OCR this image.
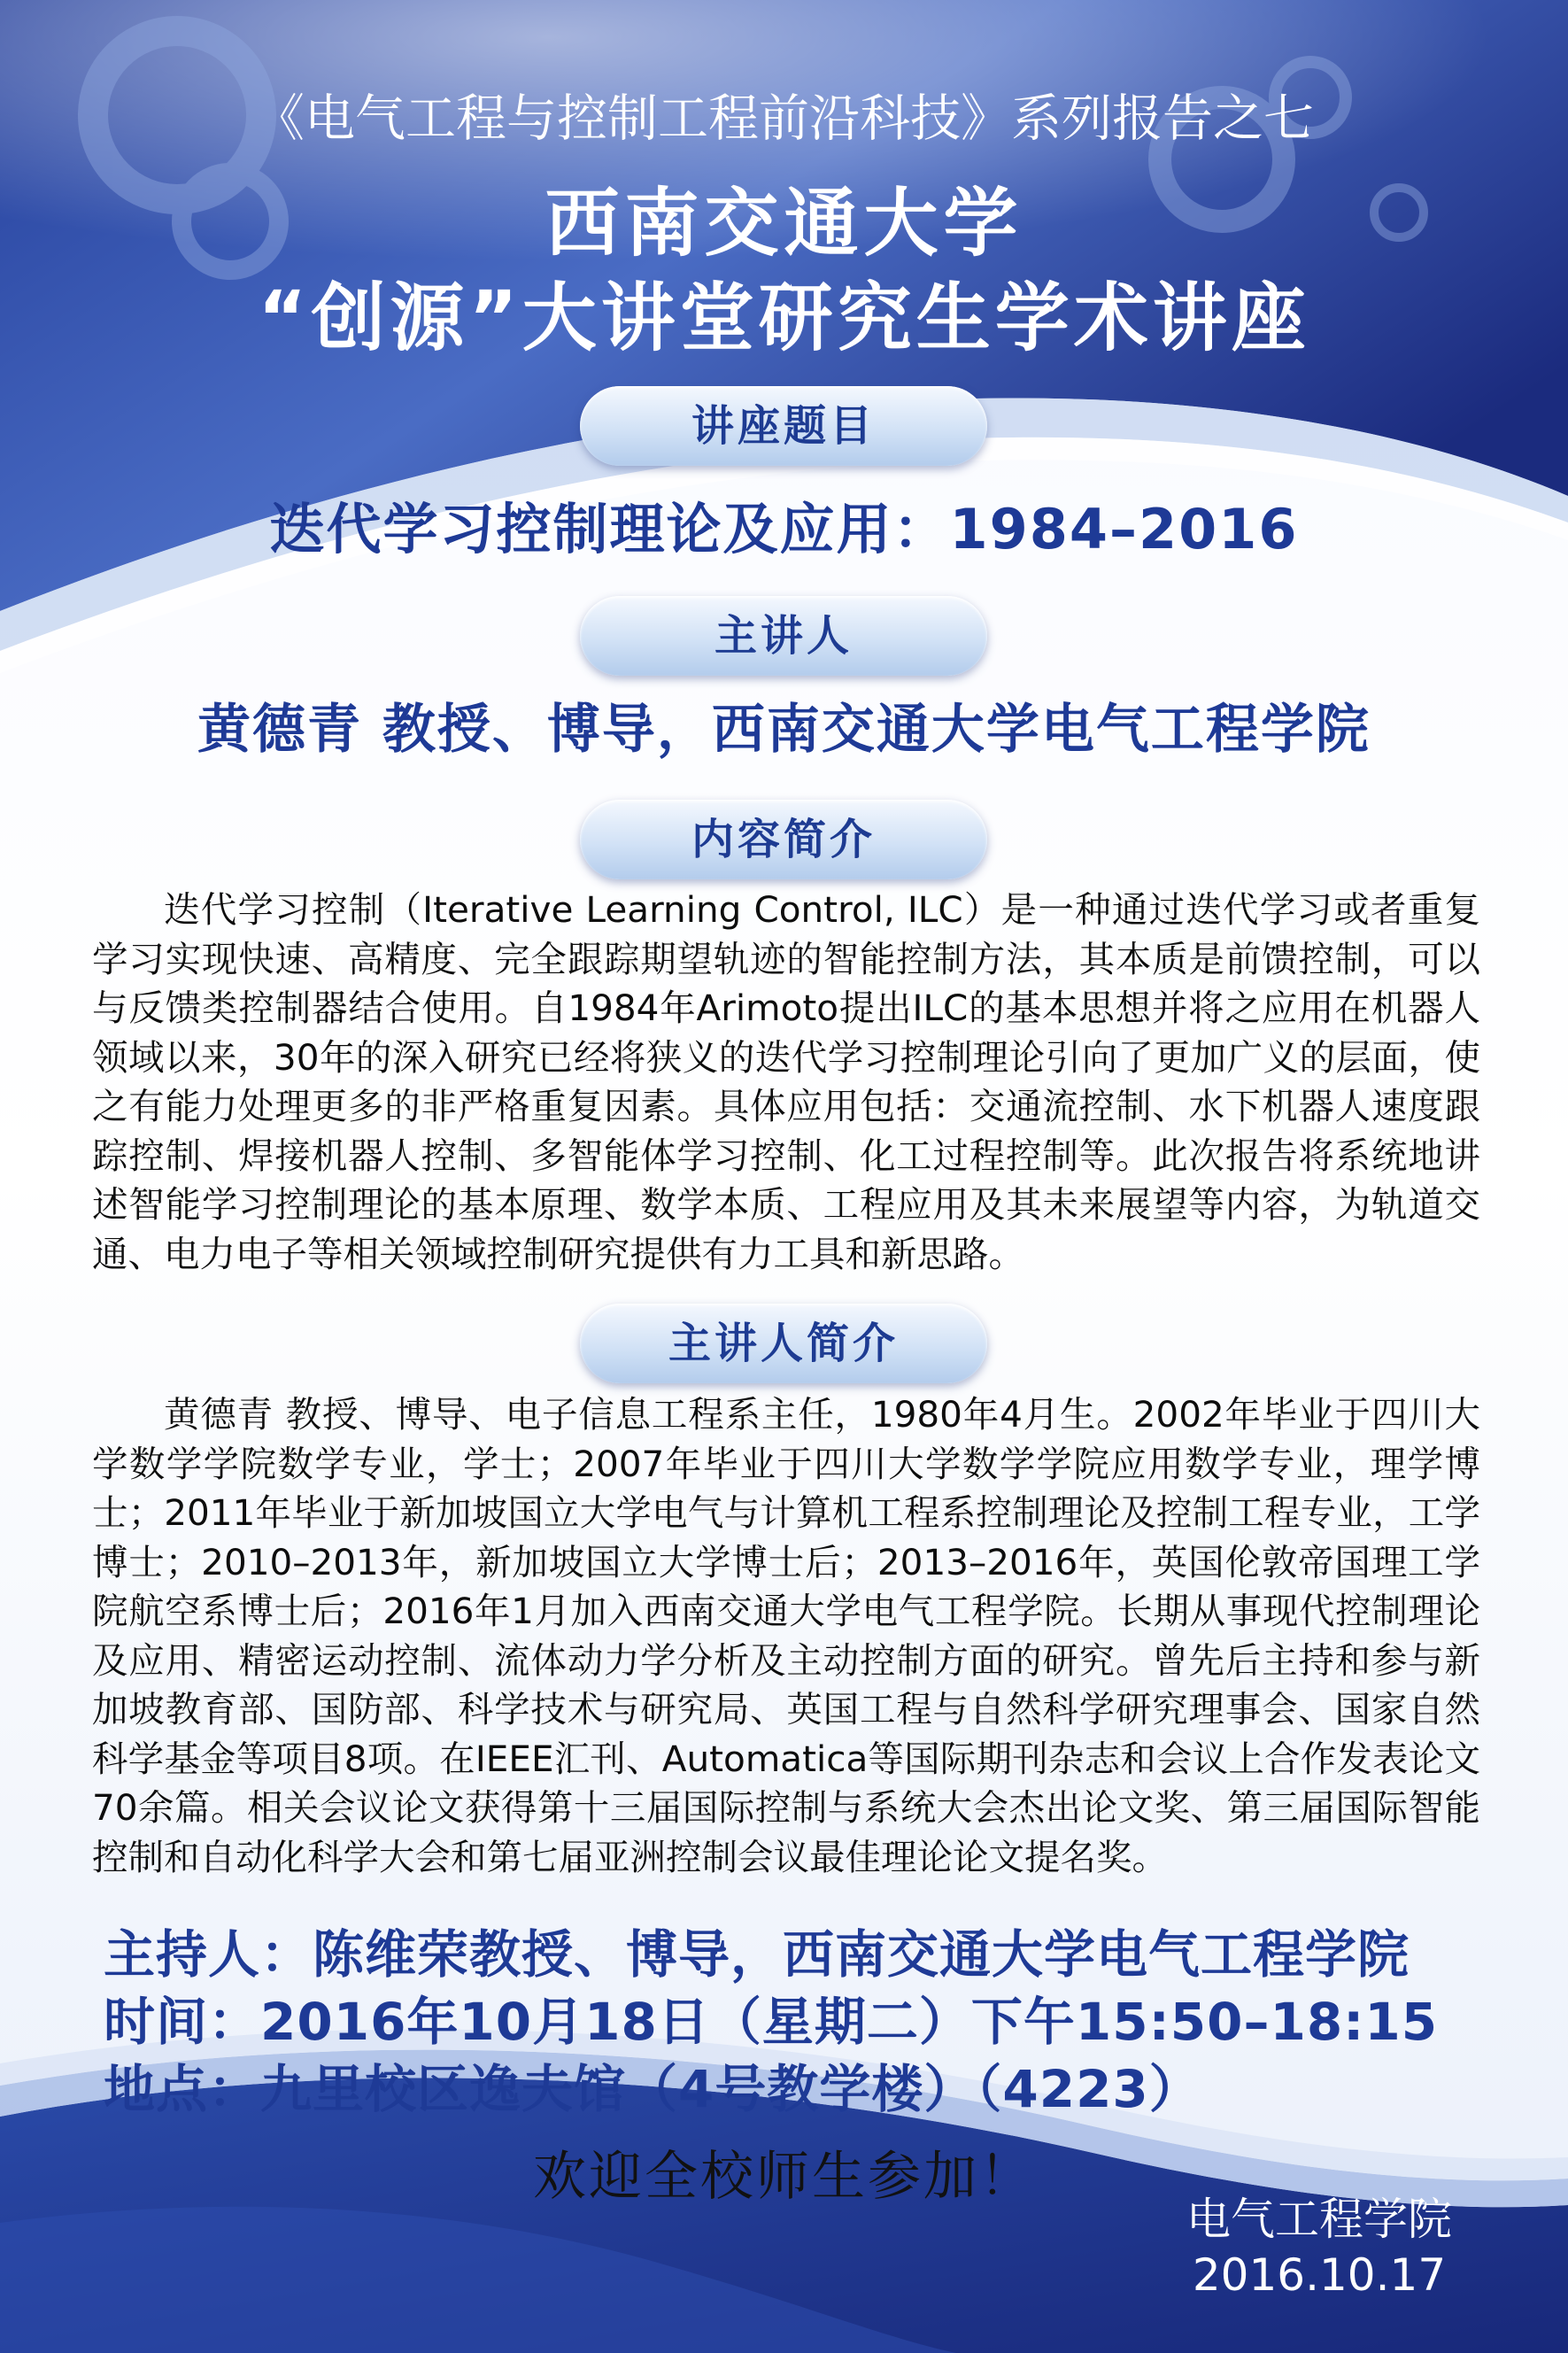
《电气工程与控制工程前沿科技》系列报告之七
西南交通大学
“创源”大讲堂研究生学术讲座
讲座题目
迭代学习控制理论及应用：1984–2016
主讲人
黄德青 教授、博导，西南交通大学电气工程学院
内容简介

迭代学习控制（Iterative Learning Control, ILC）是一种通过迭代学习或者重复学习实现快速、高精度、完全跟踪期望轨迹的智能控制方法，其本质是前馈控制，可以与反馈类控制器结合使用。自1984年Arimoto提出ILC的基本思想并将之应用在机器人领域以来，30年的深入研究已经将狭义的迭代学习控制理论引向了更加广义的层面，使之有能力处理更多的非严格重复因素。具体应用包括：交通流控制、水下机器人速度跟踪控制、焊接机器人控制、多智能体学习控制、化工过程控制等。此次报告将系统地讲述智能学习控制理论的基本原理、数学本质、工程应用及其未来展望等内容，为轨道交通、电力电子等相关领域控制研究提供有力工具和新思路。

主讲人简介

黄德青 教授、博导、电子信息工程系主任，1980年4月生。2002年毕业于四川大学数学学院数学专业，学士；2007年毕业于四川大学数学学院应用数学专业，理学博士；2011年毕业于新加坡国立大学电气与计算机工程系控制理论及控制工程专业，工学博士；2010–2013年，新加坡国立大学博士后；2013–2016年，英国伦敦帝国理工学院航空系博士后；2016年1月加入西南交通大学电气工程学院。长期从事现代控制理论及应用、精密运动控制、流体动力学分析及主动控制方面的研究。曾先后主持和参与新加坡教育部、国防部、科学技术与研究局、英国工程与自然科学研究理事会、国家自然科学基金等项目8项。在IEEE汇刊、Automatica等国际期刊杂志和会议上合作发表论文70余篇。相关会议论文获得第十三届国际控制与系统大会杰出论文奖、第三届国际智能控制和自动化科学大会和第七届亚洲控制会议最佳理论论文提名奖。

主持人：陈维荣教授、博导，西南交通大学电气工程学院
时间：2016年10月18日（星期二）下午15:50–18:15
地点：九里校区逸夫馆（4号教学楼）（4223）
欢迎全校师生参加！
电气工程学院
2016.10.17
